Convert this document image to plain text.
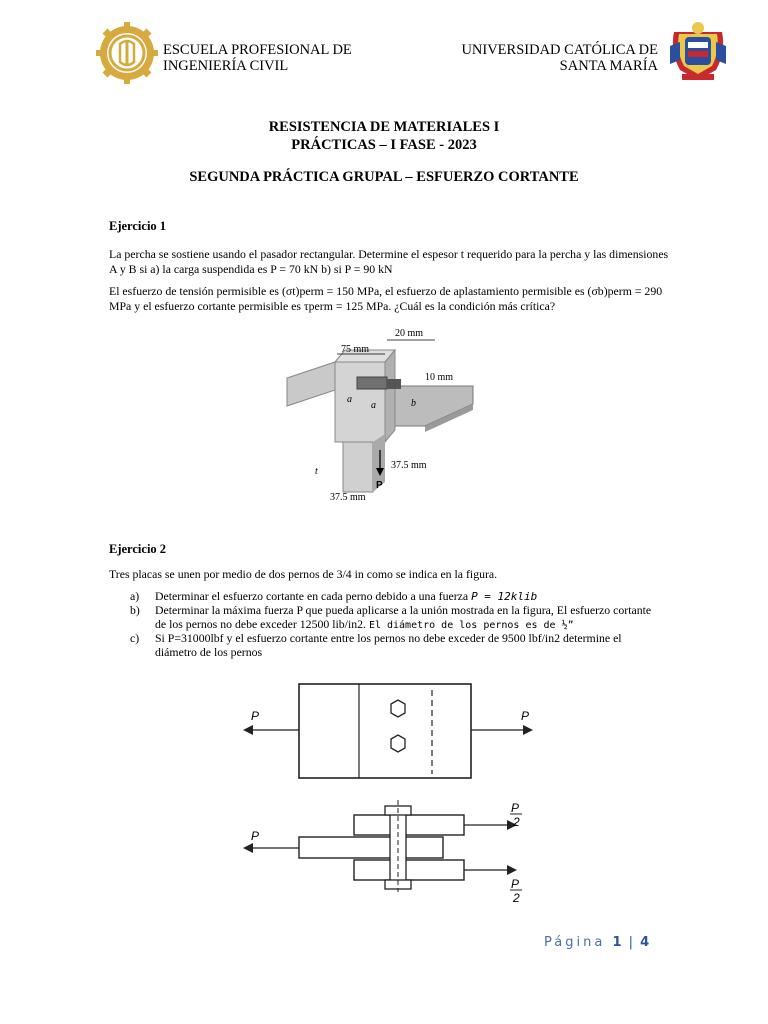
ESCUELA PROFESIONAL DE
INGENIERÍA CIVIL
UNIVERSIDAD CATÓLICA DE
SANTA MARÍA
RESISTENCIA DE MATERIALES I
PRÁCTICAS – I FASE - 2023
SEGUNDA PRÁCTICA GRUPAL – ESFUERZO CORTANTE
Ejercicio 1
La percha se sostiene usando el pasador rectangular. Determine el espesor t requerido para la percha y las dimensiones
A y B si a) la carga suspendida es P = 70 kN b) si P = 90 kN
El esfuerzo de tensión permisible es (σt)perm = 150 MPa, el esfuerzo de aplastamiento permisible es (σb)perm = 290
MPa y el esfuerzo cortante permisible es τperm = 125 MPa. ¿Cuál es la condición más crítica?
20 mm
75 mm
10 mm
a
a	b
t
P
37.5 mm
37.5 mm
Ejercicio 2
Tres placas se unen por medio de dos pernos de 3/4 in como se indica en la figura.
a) Determinar el esfuerzo cortante en cada perno debido a una fuerza P = 12klib
b) Determinar la máxima fuerza P que pueda aplicarse a la unión mostrada en la figura, El esfuerzo cortante
de los pernos no debe exceder 12500 lib/in2. El diámetro de los pernos es de ½”
c) Si P=31000lbf y el esfuerzo cortante entre los pernos no debe exceder de 9500 lbf/in2 determine el
diámetro de los pernos
P	P
P
P
2
P
2
Página 1 | 4
